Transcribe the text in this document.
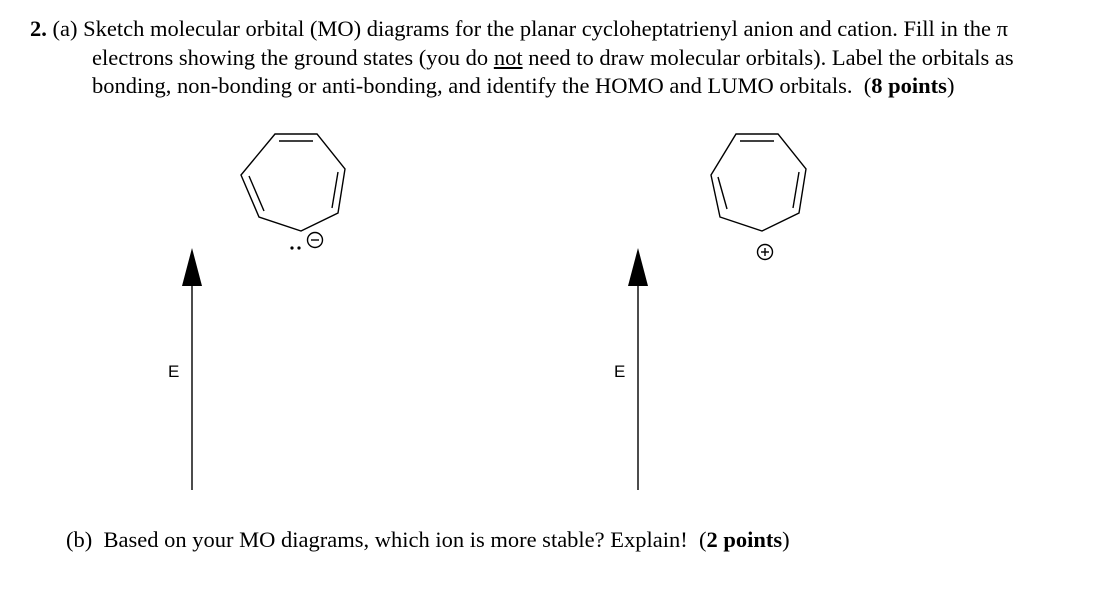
2. (a) Sketch molecular orbital (MO) diagrams for the planar cycloheptatrienyl anion and cation. Fill in the π
electrons showing the ground states (you do not need to draw molecular orbitals). Label the orbitals as
bonding, non-bonding or anti-bonding, and identify the HOMO and LUMO orbitals. (8 points)
E	E
(b) Based on your MO diagrams, which ion is more stable? Explain! (2 points)
